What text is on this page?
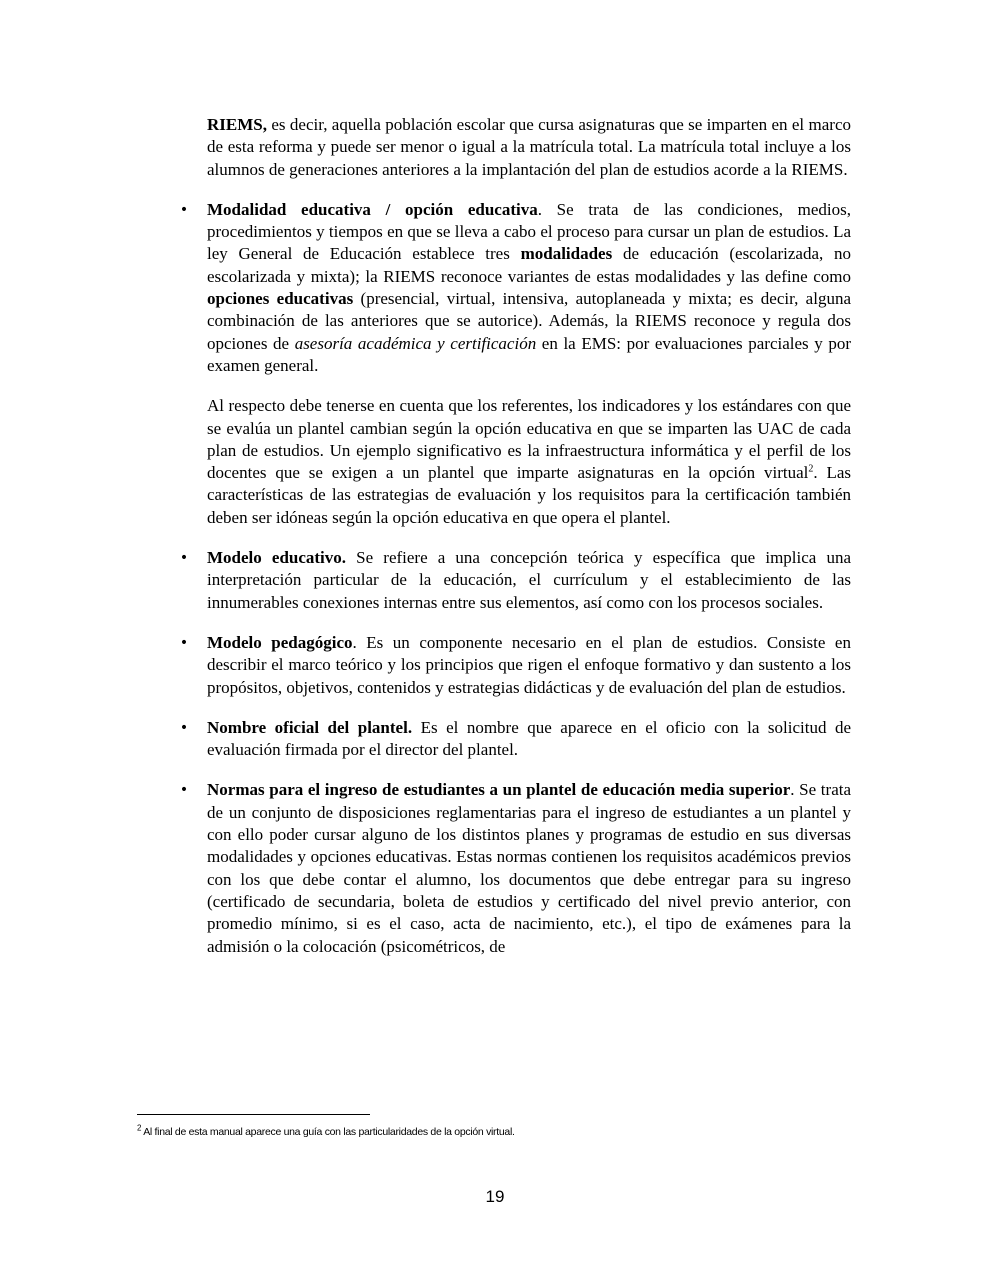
RIEMS, es decir, aquella población escolar que cursa asignaturas que se imparten en el marco de esta reforma y puede ser menor o igual a la matrícula total. La matrícula total incluye a los alumnos de generaciones anteriores a la implantación del plan de estudios acorde a la RIEMS.

• Modalidad educativa / opción educativa. Se trata de las condiciones, medios, procedimientos y tiempos en que se lleva a cabo el proceso para cursar un plan de estudios. La ley General de Educación establece tres modalidades de educación (escolarizada, no escolarizada y mixta); la RIEMS reconoce variantes de estas modalidades y las define como opciones educativas (presencial, virtual, intensiva, autoplaneada y mixta; es decir, alguna combinación de las anteriores que se autorice). Además, la RIEMS reconoce y regula dos opciones de asesoría académica y certificación en la EMS: por evaluaciones parciales y por examen general.

Al respecto debe tenerse en cuenta que los referentes, los indicadores y los estándares con que se evalúa un plantel cambian según la opción educativa en que se imparten las UAC de cada plan de estudios. Un ejemplo significativo es la infraestructura informática y el perfil de los docentes que se exigen a un plantel que imparte asignaturas en la opción virtual$^2$. Las características de las estrategias de evaluación y los requisitos para la certificación también deben ser idóneas según la opción educativa en que opera el plantel.

• Modelo educativo. Se refiere a una concepción teórica y específica que implica una interpretación particular de la educación, el currículum y el establecimiento de las innumerables conexiones internas entre sus elementos, así como con los procesos sociales.

• Modelo pedagógico. Es un componente necesario en el plan de estudios. Consiste en describir el marco teórico y los principios que rigen el enfoque formativo y dan sustento a los propósitos, objetivos, contenidos y estrategias didácticas y de evaluación del plan de estudios.

• Nombre oficial del plantel. Es el nombre que aparece en el oficio con la solicitud de evaluación firmada por el director del plantel.

• Normas para el ingreso de estudiantes a un plantel de educación media superior. Se trata de un conjunto de disposiciones reglamentarias para el ingreso de estudiantes a un plantel y con ello poder cursar alguno de los distintos planes y programas de estudio en sus diversas modalidades y opciones educativas. Estas normas contienen los requisitos académicos previos con los que debe contar el alumno, los documentos que debe entregar para su ingreso (certificado de secundaria, boleta de estudios y certificado del nivel previo anterior, con promedio mínimo, si es el caso, acta de nacimiento, etc.), el tipo de exámenes para la admisión o la colocación (psicométricos, de

$^2$ Al final de esta manual aparece una guía con las particularidades de la opción virtual.
19
